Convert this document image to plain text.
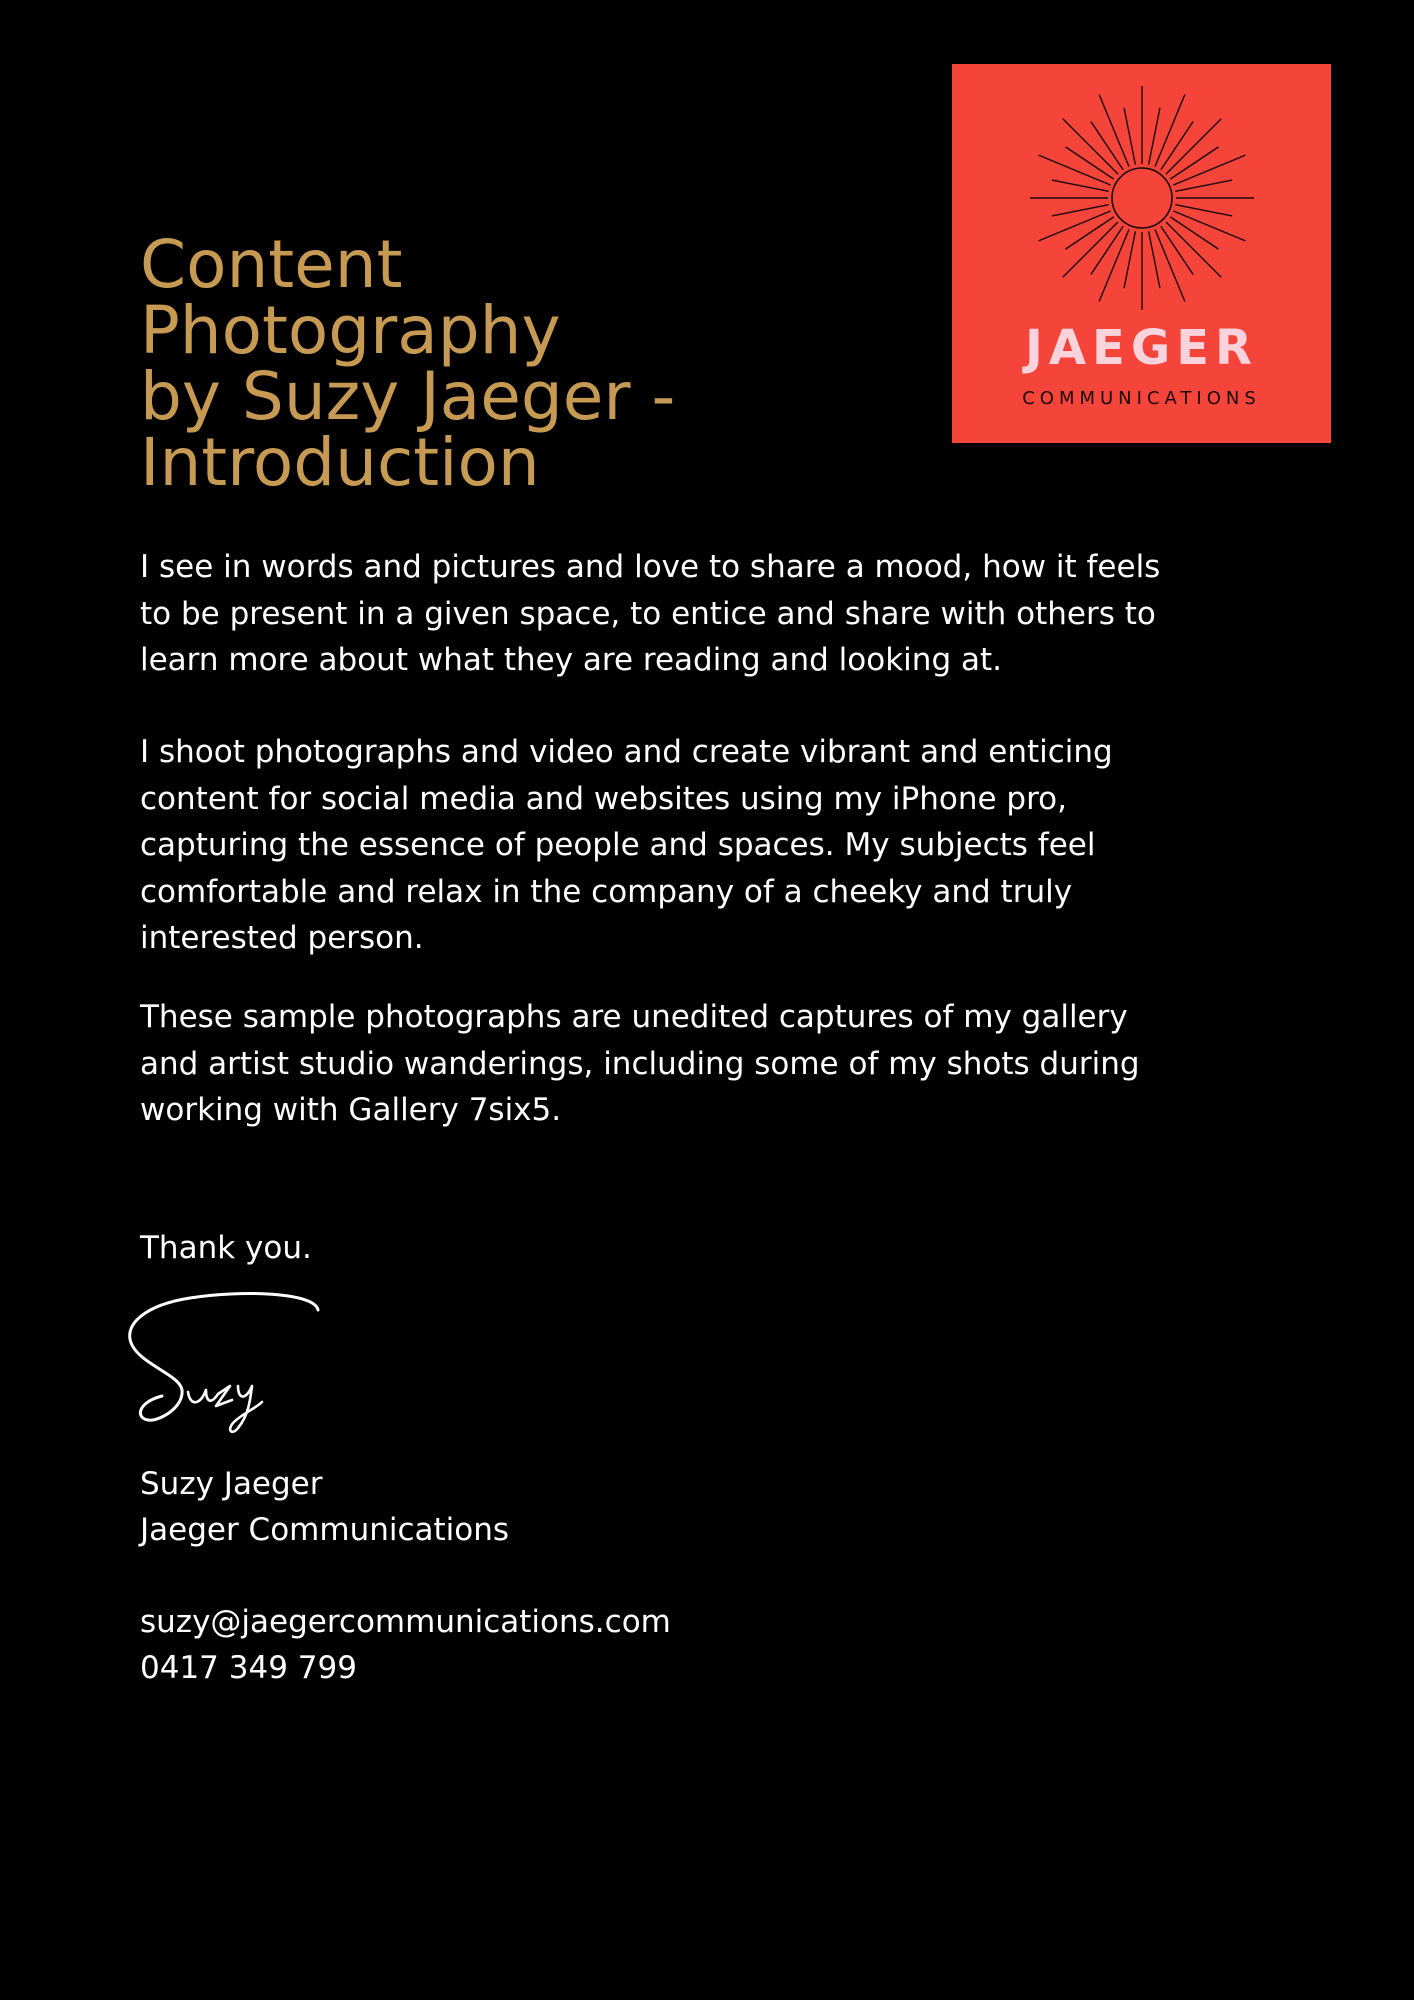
JAEGER
COMMUNICATIONS
Content
Photography
by Suzy Jaeger -
Introduction

I see in words and pictures and love to share a mood, how it feels
to be present in a given space, to entice and share with others to
learn more about what they are reading and looking at.

I shoot photographs and video and create vibrant and enticing
content for social media and websites using my iPhone pro,
capturing the essence of people and spaces. My subjects feel
comfortable and relax in the company of a cheeky and truly
interested person.

These sample photographs are unedited captures of my gallery
and artist studio wanderings, including some of my shots during
working with Gallery 7six5.

Thank you.

Suzy Jaeger
Jaeger Communications
suzy@jaegercommunications.com
0417 349 799
